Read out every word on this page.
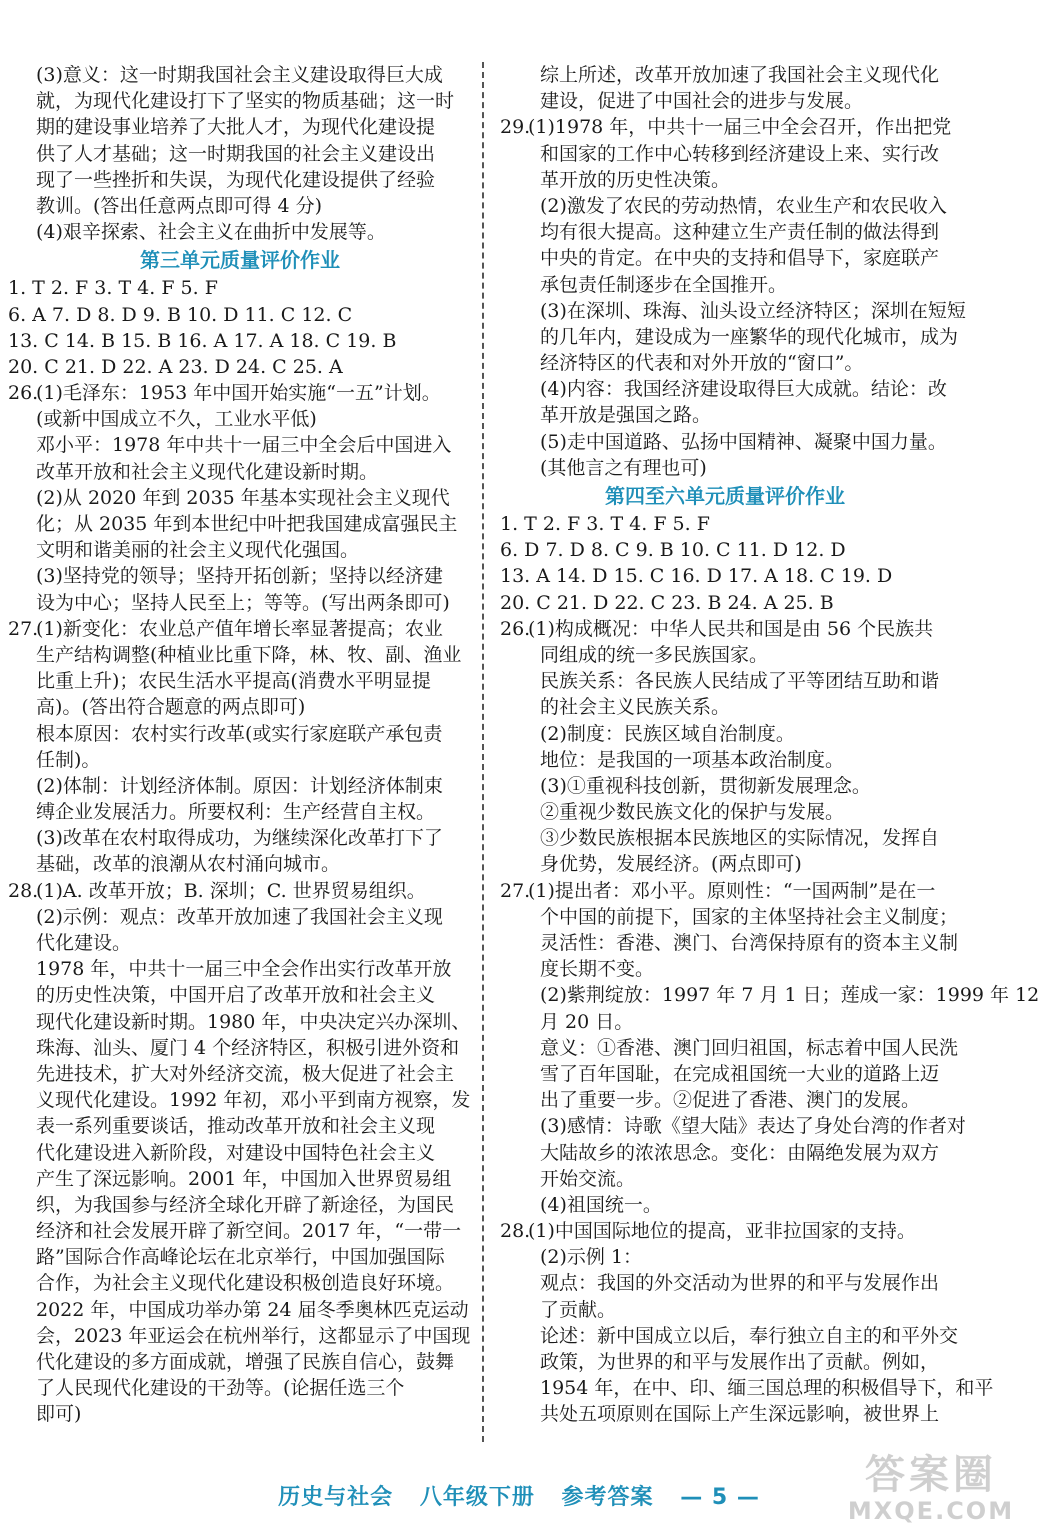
(3)意义：这一时期我国社会主义建设取得巨大成
就，为现代化建设打下了坚实的物质基础；这一时
期的建设事业培养了大批人才，为现代化建设提
供了人才基础；这一时期我国的社会主义建设出
现了一些挫折和失误，为现代化建设提供了经验
教训。(答出任意两点即可得 4 分)
(4)艰辛探索、社会主义在曲折中发展等。
第三单元质量评价作业
1. T 2. F 3. T 4. F 5. F
6. A 7. D 8. D 9. B 10. D 11. C 12. C
13. C 14. B 15. B 16. A 17. A 18. C 19. B
20. C 21. D 22. A 23. D 24. C 25. A
26.(1)毛泽东：1953 年中国开始实施“一五”计划。
(或新中国成立不久，工业水平低)
邓小平：1978 年中共十一届三中全会后中国进入
改革开放和社会主义现代化建设新时期。
(2)从 2020 年到 2035 年基本实现社会主义现代
化；从 2035 年到本世纪中叶把我国建成富强民主
文明和谐美丽的社会主义现代化强国。
(3)坚持党的领导；坚持开拓创新；坚持以经济建
设为中心；坚持人民至上；等等。(写出两条即可)
27.(1)新变化：农业总产值年增长率显著提高；农业
生产结构调整(种植业比重下降，林、牧、副、渔业
比重上升)；农民生活水平提高(消费水平明显提
高)。(答出符合题意的两点即可)
根本原因：农村实行改革(或实行家庭联产承包责
任制)。
(2)体制：计划经济体制。原因：计划经济体制束
缚企业发展活力。所要权利：生产经营自主权。
(3)改革在农村取得成功，为继续深化改革打下了
基础，改革的浪潮从农村涌向城市。
28.(1)A. 改革开放；B. 深圳；C. 世界贸易组织。
(2)示例：观点：改革开放加速了我国社会主义现
代化建设。
1978 年，中共十一届三中全会作出实行改革开放
的历史性决策，中国开启了改革开放和社会主义
现代化建设新时期。1980 年，中央决定兴办深圳、
珠海、汕头、厦门 4 个经济特区，积极引进外资和
先进技术，扩大对外经济交流，极大促进了社会主
义现代化建设。1992 年初，邓小平到南方视察，发
表一系列重要谈话，推动改革开放和社会主义现
代化建设进入新阶段，对建设中国特色社会主义
产生了深远影响。2001 年，中国加入世界贸易组
织，为我国参与经济全球化开辟了新途径，为国民
经济和社会发展开辟了新空间。2017 年，“一带一
路”国际合作高峰论坛在北京举行，中国加强国际
合作，为社会主义现代化建设积极创造良好环境。
2022 年，中国成功举办第 24 届冬季奥林匹克运动
会，2023 年亚运会在杭州举行，这都显示了中国现
代化建设的多方面成就，增强了民族自信心，鼓舞
了人民现代化建设的干劲等。(论据任选三个
即可)
综上所述，改革开放加速了我国社会主义现代化
建设，促进了中国社会的进步与发展。
29.(1)1978 年，中共十一届三中全会召开，作出把党
和国家的工作中心转移到经济建设上来、实行改
革开放的历史性决策。
(2)激发了农民的劳动热情，农业生产和农民收入
均有很大提高。这种建立生产责任制的做法得到
中央的肯定。在中央的支持和倡导下，家庭联产
承包责任制逐步在全国推开。
(3)在深圳、珠海、汕头设立经济特区；深圳在短短
的几年内，建设成为一座繁华的现代化城市，成为
经济特区的代表和对外开放的“窗口”。
(4)内容：我国经济建设取得巨大成就。结论：改
革开放是强国之路。
(5)走中国道路、弘扬中国精神、凝聚中国力量。
(其他言之有理也可)
第四至六单元质量评价作业
1. T 2. F 3. T 4. F 5. F
6. D 7. D 8. C 9. B 10. C 11. D 12. D
13. A 14. D 15. C 16. D 17. A 18. C 19. D
20. C 21. D 22. C 23. B 24. A 25. B
26.(1)构成概况：中华人民共和国是由 56 个民族共
同组成的统一多民族国家。
民族关系：各民族人民结成了平等团结互助和谐
的社会主义民族关系。
(2)制度：民族区域自治制度。
地位：是我国的一项基本政治制度。
(3)①重视科技创新，贯彻新发展理念。
②重视少数民族文化的保护与发展。
③少数民族根据本民族地区的实际情况，发挥自
身优势，发展经济。(两点即可)
27.(1)提出者：邓小平。原则性：“一国两制”是在一
个中国的前提下，国家的主体坚持社会主义制度；
灵活性：香港、澳门、台湾保持原有的资本主义制
度长期不变。
(2)紫荆绽放：1997 年 7 月 1 日；莲成一家：1999 年 12
月 20 日。
意义：①香港、澳门回归祖国，标志着中国人民洗
雪了百年国耻，在完成祖国统一大业的道路上迈
出了重要一步。②促进了香港、澳门的发展。
(3)感情：诗歌《望大陆》表达了身处台湾的作者对
大陆故乡的浓浓思念。变化：由隔绝发展为双方
开始交流。
(4)祖国统一。
28.(1)中国国际地位的提高，亚非拉国家的支持。
(2)示例 1：
观点：我国的外交活动为世界的和平与发展作出
了贡献。
论述：新中国成立以后，奉行独立自主的和平外交
政策，为世界的和平与发展作出了贡献。例如，
1954 年，在中、印、缅三国总理的积极倡导下，和平
共处五项原则在国际上产生深远影响，被世界上
历史与社会 八年级下册 参考答案 — 5 —	答案圈
MXQE.COM
